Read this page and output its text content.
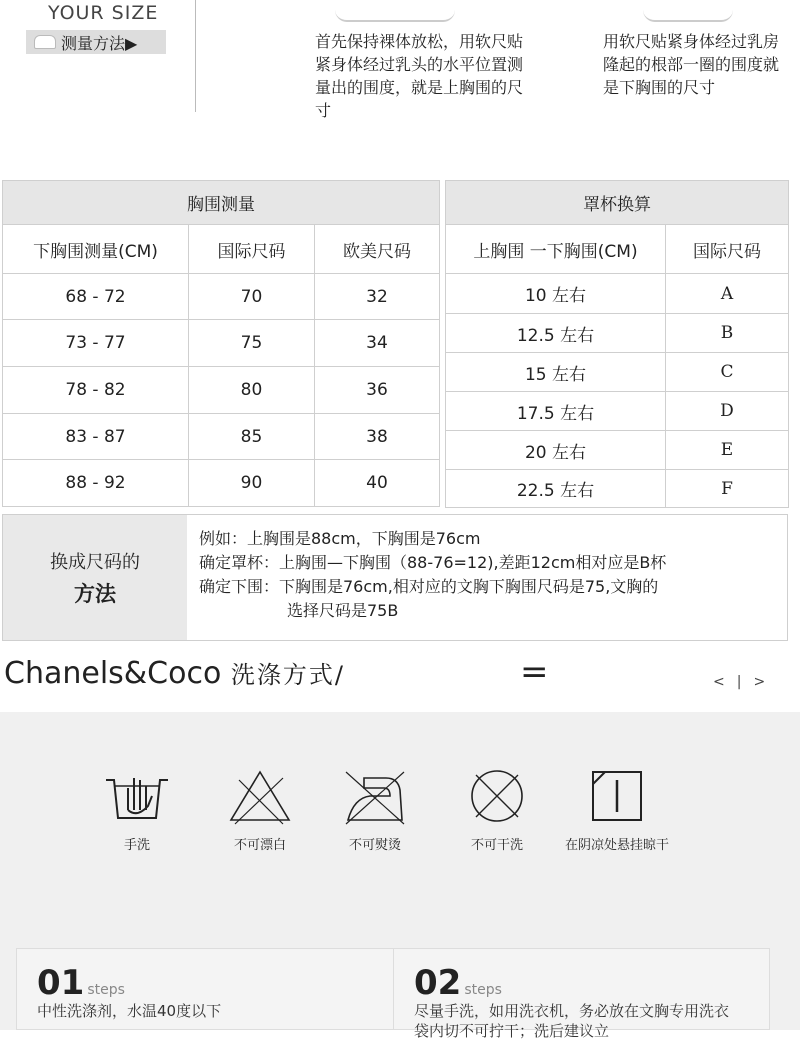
YOUR SIZE
测量方法▶	首先保持裸体放松，用软尺贴紧身体经过乳头的水平位置测量出的围度，就是上胸围的尺寸
用软尺贴紧身体经过乳房隆起的根部一圈的围度就是下胸围的尺寸
胸围测量		
下胸围测量(CM)	国际尺码	欧美尺码
68 - 72	70	32
73 - 77	75	34
78 - 82	80	36
83 - 87	85	38
88 - 92	90	40
罩杯换算	
上胸围 一下胸围(CM)	国际尺码
10 左右	A
12.5 左右	B
15 左右	C
17.5 左右	D
20 左右	E
22.5 左右	F
换成尺码的
方法
例如：上胸围是88cm，下胸围是76cm
确定罩杯：上胸围—下胸围（88-76=12),差距12cm相对应是B杯
确定下围：下胸围是76cm,相对应的文胸下胸围尺码是75,文胸的
选择尺码是75B
Chanels&Coco 洗涤方式/	=	< | >
手洗	不可漂白	不可熨烫	不可干洗	在阴凉处悬挂晾干
01 steps
中性洗涤剂，水温40度以下
02 steps
尽量手洗，如用洗衣机，务必放在文胸专用洗衣袋内切不可拧干；洗后建议立
